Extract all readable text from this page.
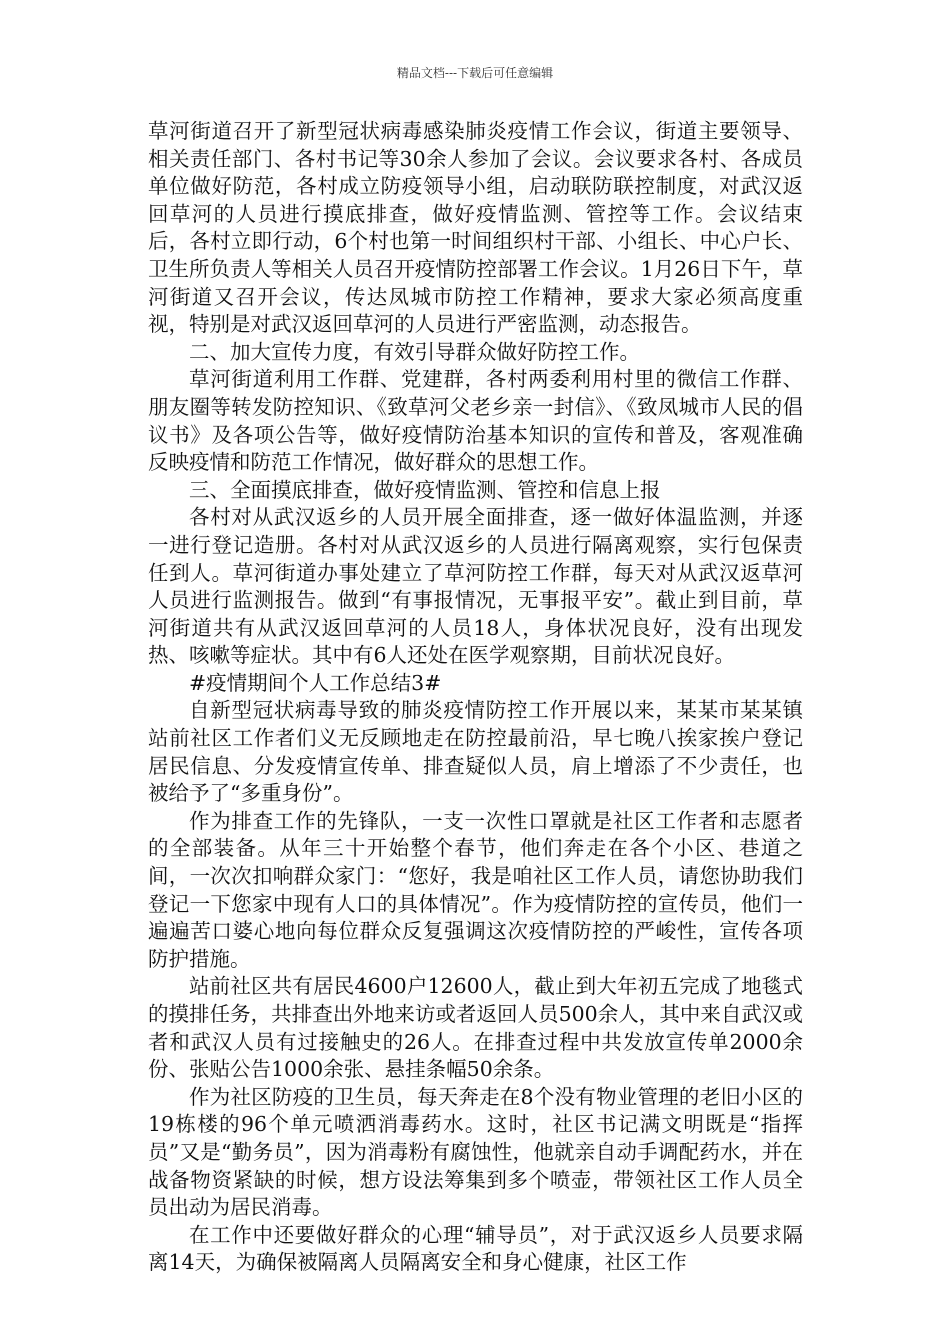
精品文档---下载后可任意编辑

草河街道召开了新型冠状病毒感染肺炎疫情工作会议，街道主要领导、相关责任部门、各村书记等30余人参加了会议。会议要求各村、各成员单位做好防范，各村成立防疫领导小组，启动联防联控制度，对武汉返回草河的人员进行摸底排查，做好疫情监测、管控等工作。会议结束后，各村立即行动，6个村也第一时间组织村干部、小组长、中心户长、卫生所负责人等相关人员召开疫情防控部署工作会议。1月26日下午，草河街道又召开会议，传达凤城市防控工作精神，要求大家必须高度重视，特别是对武汉返回草河的人员进行严密监测，动态报告。

二、加大宣传力度，有效引导群众做好防控工作。

草河街道利用工作群、党建群，各村两委利用村里的微信工作群、朋友圈等转发防控知识、《致草河父老乡亲一封信》、《致凤城市人民的倡议书》及各项公告等，做好疫情防治基本知识的宣传和普及，客观准确反映疫情和防范工作情况，做好群众的思想工作。

三、全面摸底排查，做好疫情监测、管控和信息上报

各村对从武汉返乡的人员开展全面排查，逐一做好体温监测，并逐一进行登记造册。各村对从武汉返乡的人员进行隔离观察，实行包保责任到人。草河街道办事处建立了草河防控工作群，每天对从武汉返草河人员进行监测报告。做到“有事报情况，无事报平安”。截止到目前，草河街道共有从武汉返回草河的人员18人，身体状况良好，没有出现发热、咳嗽等症状。其中有6人还处在医学观察期，目前状况良好。

#疫情期间个人工作总结3#

自新型冠状病毒导致的肺炎疫情防控工作开展以来，某某市某某镇站前社区工作者们义无反顾地走在防控最前沿，早七晚八挨家挨户登记居民信息、分发疫情宣传单、排查疑似人员，肩上增添了不少责任，也被给予了“多重身份”。

作为排查工作的先锋队，一支一次性口罩就是社区工作者和志愿者的全部装备。从年三十开始整个春节，他们奔走在各个小区、巷道之间，一次次扣响群众家门：“您好，我是咱社区工作人员，请您协助我们登记一下您家中现有人口的具体情况”。作为疫情防控的宣传员，他们一遍遍苦口婆心地向每位群众反复强调这次疫情防控的严峻性，宣传各项防护措施。

站前社区共有居民4600户12600人，截止到大年初五完成了地毯式的摸排任务，共排查出外地来访或者返回人员500余人，其中来自武汉或者和武汉人员有过接触史的26人。在排查过程中共发放宣传单2000余份、张贴公告1000余张、悬挂条幅50余条。

作为社区防疫的卫生员，每天奔走在8个没有物业管理的老旧小区的19栋楼的96个单元喷洒消毒药水。这时，社区书记满文明既是“指挥员”又是“勤务员”，因为消毒粉有腐蚀性，他就亲自动手调配药水，并在战备物资紧缺的时候，想方设法筹集到多个喷壶，带领社区工作人员全员出动为居民消毒。

在工作中还要做好群众的心理“辅导员”，对于武汉返乡人员要求隔离14天，为确保被隔离人员隔离安全和身心健康，社区工作
